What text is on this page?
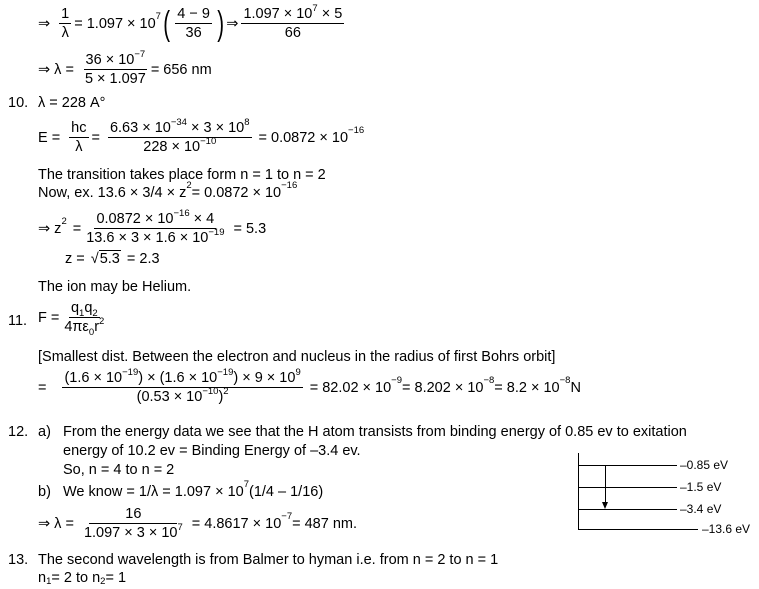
⇒ $\frac{1}{\lambda} = 1.097 \times 10^7$ ( $\frac{4 - 9}{36}$ ) ⇒ $\frac{1.097 \times 10^7 \times 5}{66}$
⇒ $\lambda = \frac{36 \times 10^{-7}}{5 \times 1.097} = 656$ nm
10. λ = 228 A°
$E = \frac{hc}{\lambda} = \frac{6.63 \times 10^{-34} \times 3 \times 10^8}{228 \times 10^{-10}} = 0.0872 \times 10^{-16}$
The transition takes place form n = 1 to n = 2
Now, ex. $13.6 \times 3/4 \times z^2 = 0.0872 \times 10^{-16}$
⇒ $z^2 = \frac{0.0872 \times 10^{-16} \times 4}{13.6 \times 3 \times 1.6 \times 10^{-19}} = 5.3$
z = √ 5.3 = 2.3
The ion may be Helium.
11. $F = \frac{q_1q_2}{4\pi\varepsilon_0r^2}$
[Smallest dist. Between the electron and nucleus in the radius of first Bohrs orbit]
= $\frac{(1.6 \times 10^{-19}) \times (1.6 \times 10^{-19}) \times 9 \times 10^9}{(0.53 \times 10^{-10})^2} = 82.02 \times 10^{-9} = 8.202 \times 10^{-8} = 8.2 \times 10^{-8}$ N
12. a) From the energy data we see that the H atom transists from binding energy of 0.85 ev to exitation
energy of 10.2 ev = Binding Energy of –3.4 ev.
So, n = 4 to n = 2
b) We know = $1/\lambda = 1.097 \times 10^7$ (1/4 – 1/16)
⇒ $\lambda = \frac{16}{1.097 \times 3 \times 10^7} = 4.8617 \times 10^{-7} = 487$ nm.
–0.85 eV
–1.5 eV
–3.4 eV
–13.6 eV
13. The second wavelength is from Balmer to hyman i.e. from n = 2 to n = 1
$n_1 = 2$ to $n_2 = 1$
